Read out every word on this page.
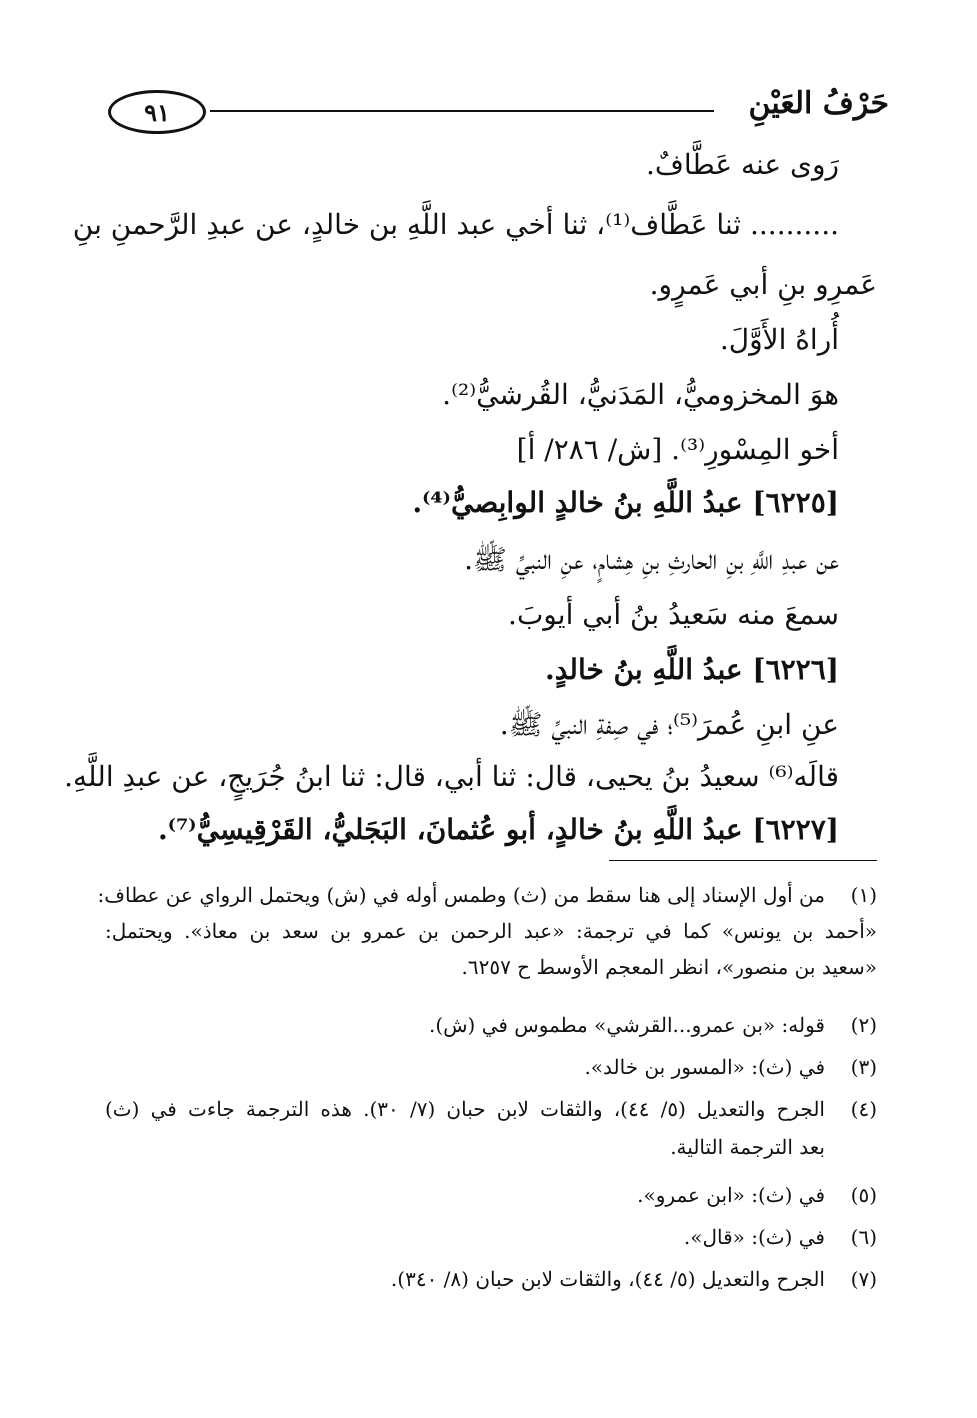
حَرْفُ العَيْنِ
٩١
رَوى عنه عَطَّافٌ.
.......... ثنا عَطَّاف⁽¹⁾، ثنا أخي عبد اللَّهِ بن خالدٍ، عن عبدِ الرَّحمنِ بنِ
عَمرِو بنِ أبي عَمرٍو.
أُراهُ الأَوَّلَ.
هوَ المخزوميُّ، المَدَنيُّ، القُرشيُّ⁽²⁾.
أخو المِسْورِ⁽³⁾. [ش/ ٢٨٦/ أ]
[٦٢٢٥] عبدُ اللَّهِ بنُ خالدٍ الوابِصيُّ⁽⁴⁾.
عن عبدِ اللَّهِ بنِ الحارثِ بنِ هِشامٍ، عنِ النبيِّ ﷺ.
سمعَ منه سَعيدُ بنُ أبي أيوبَ.
[٦٢٢٦] عبدُ اللَّهِ بنُ خالدٍ.
عنِ ابنِ عُمرَ⁽⁵⁾؛ في صِفةِ النبيِّ ﷺ.
قالَه⁽⁶⁾ سعيدُ بنُ يحيى، قال: ثنا أبي، قال: ثنا ابنُ جُرَيجٍ، عن عبدِ اللَّهِ.
[٦٢٢٧] عبدُ اللَّهِ بنُ خالدٍ، أبو عُثمانَ، البَجَليُّ، القَرْقِيسِيُّ⁽⁷⁾.
(١)
من أول الإسناد إلى هنا سقط من (ث) وطمس أوله في (ش) ويحتمل الرواي عن عطاف:
«أحمد بن يونس» كما في ترجمة: «عبد الرحمن بن عمرو بن سعد بن معاذ». ويحتمل:
«سعيد بن منصور»، انظر المعجم الأوسط ح ٦٢٥٧.
(٢)
قوله: «بن عمرو...القرشي» مطموس في (ش).
(٣)
في (ث): «المسور بن خالد».
(٤)
الجرح والتعديل (٥/ ٤٤)، والثقات لابن حبان (٧/ ٣٠). هذه الترجمة جاءت في (ث)
بعد الترجمة التالية.
(٥)
في (ث): «ابن عمرو».
(٦)
في (ث): «قال».
(٧)
الجرح والتعديل (٥/ ٤٤)، والثقات لابن حبان (٨/ ٣٤٠).
